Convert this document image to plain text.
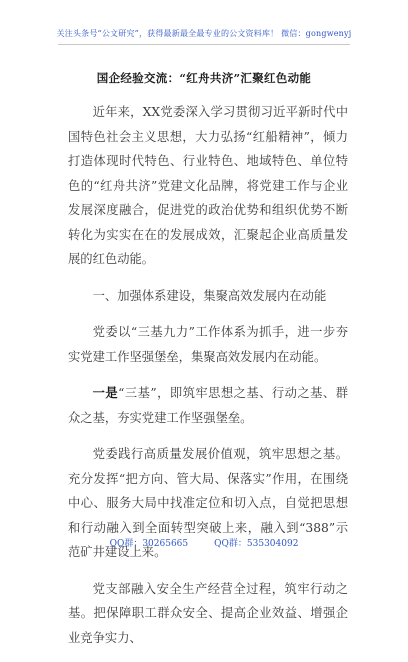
关注头条号“公文研究”，获得最新最全最专业的公文资料库！ 微信：gongwenyj
国企经验交流：“红舟共济”汇聚红色动能

近年来，XX党委深入学习贯彻习近平新时代中国特色社会主义思想，大力弘扬“红船精神”，倾力打造体现时代特色、行业特色、地域特色、单位特色的“红舟共济”党建文化品牌，将党建工作与企业发展深度融合，促进党的政治优势和组织优势不断转化为实实在在的发展成效，汇聚起企业高质量发展的红色动能。

一、加强体系建设，集聚高效发展内在动能

党委以“三基九力”工作体系为抓手，进一步夯实党建工作坚强堡垒，集聚高效发展内在动能。

一是“三基”，即筑牢思想之基、行动之基、群众之基，夯实党建工作坚强堡垒。

党委践行高质量发展价值观，筑牢思想之基。充分发挥“把方向、管大局、保落实”作用，在围绕中心、服务大局中找准定位和切入点，自觉把思想和行动融入到全面转型突破上来，融入到“388”示范矿井建设上来。

党支部融入安全生产经营全过程，筑牢行动之基。把保障职工群众安全、提高企业效益、增强企业竞争实力、

QQ群：30265665	QQ群：535304092
